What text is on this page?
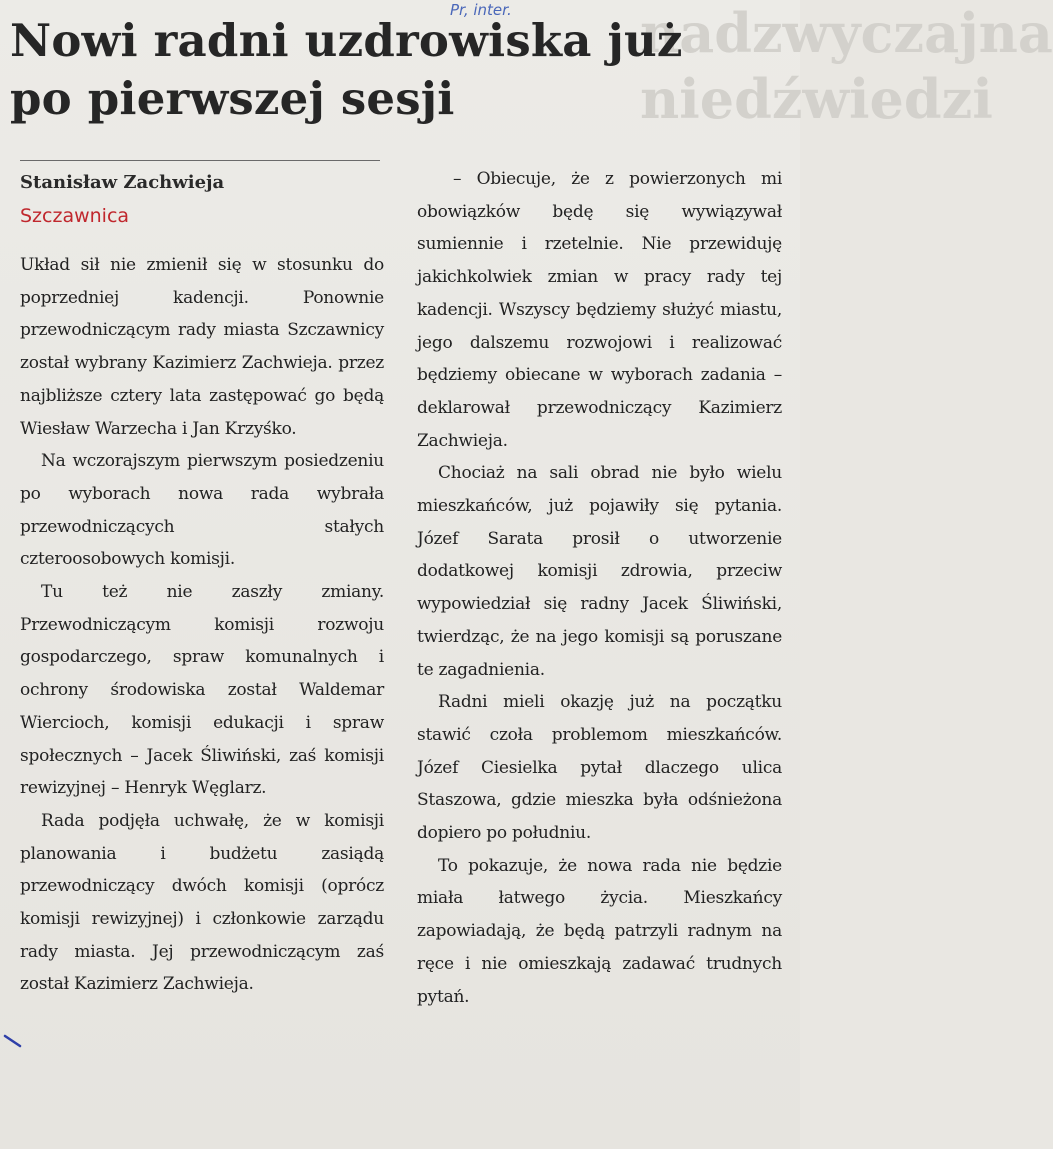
nadzwyczajna
niedźwiedzi
Pr, inter.
Nowi radni uzdrowiska już po pierwszej sesji
Stanisław Zachwieja
Szczawnica

Układ sił nie zmienił się w stosunku do poprzedniej kadencji. Ponownie przewodniczącym rady miasta Szczawnicy został wybrany Kazimierz Zachwieja. przez najbliższe cztery lata zastępować go będą Wiesław Warzecha i Jan Krzyśko.

Na wczorajszym pierwszym posiedzeniu po wyborach nowa rada wybrała przewodniczących stałych czteroosobowych komisji.

Tu też nie zaszły zmiany. Przewodniczącym komisji rozwoju gospodarczego, spraw komunalnych i ochrony środowiska został Waldemar Wiercioch, komisji edukacji i spraw społecznych – Jacek Śliwiński, zaś komisji rewizyjnej – Henryk Węglarz.

Rada podjęła uchwałę, że w komisji planowania i budżetu zasiądą przewodniczący dwóch komisji (oprócz komisji rewizyjnej) i członkowie zarządu rady miasta. Jej przewodniczącym zaś został Kazimierz Zachwieja.

– Obiecuje, że z powierzonych mi obowiązków będę się wywiązywał sumiennie i rzetelnie. Nie przewiduję jakichkolwiek zmian w pracy rady tej kadencji. Wszyscy będziemy służyć miastu, jego dalszemu rozwojowi i realizować będziemy obiecane w wyborach zadania – deklarował przewodniczący Kazimierz Zachwieja.

Chociaż na sali obrad nie było wielu mieszkańców, już pojawiły się pytania. Józef Sarata prosił o utworzenie dodatkowej komisji zdrowia, przeciw wypowiedział się radny Jacek Śliwiński, twierdząc, że na jego komisji są poruszane te zagadnienia.

Radni mieli okazję już na początku stawić czoła problemom mieszkańców. Józef Ciesielka pytał dlaczego ulica Staszowa, gdzie mieszka była odśnieżona dopiero po południu.

To pokazuje, że nowa rada nie będzie miała łatwego życia. Mieszkańcy zapowiadają, że będą patrzyli radnym na ręce i nie omieszkają zadawać trudnych pytań.
